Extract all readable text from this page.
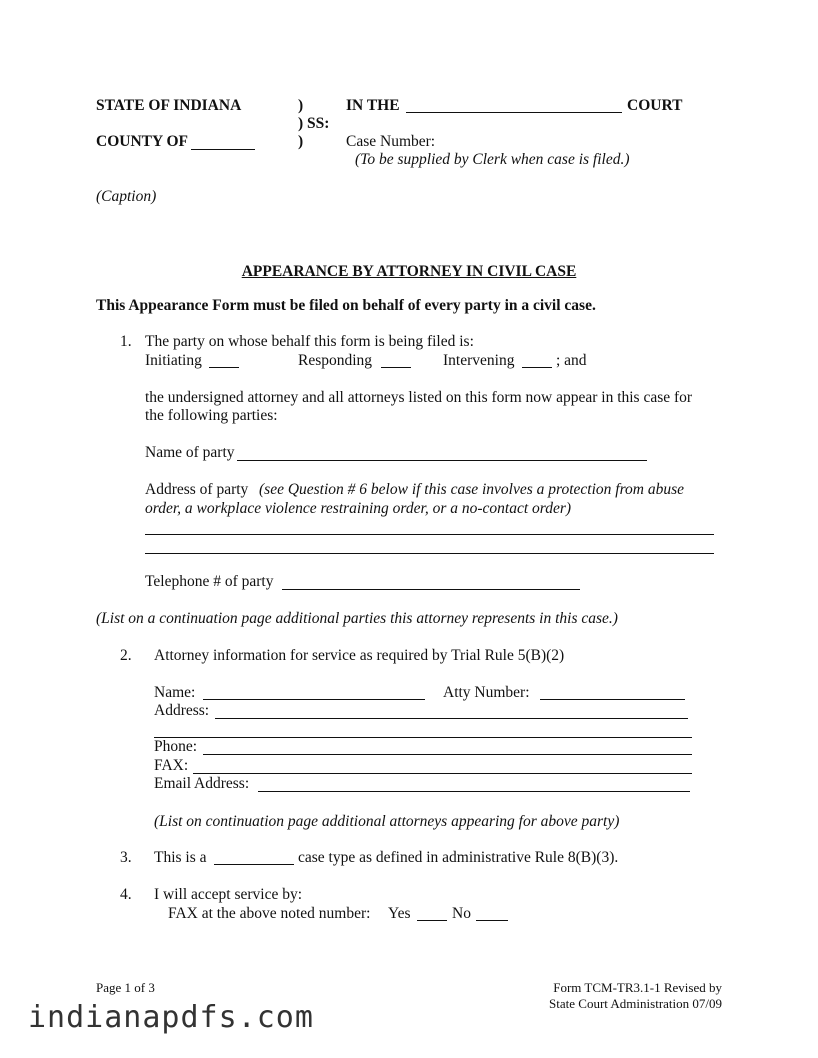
STATE OF INDIANA	)	IN THE	COURT
) SS:
COUNTY OF	)	Case Number:
(To be supplied by Clerk when case is filed.)
(Caption)
APPEARANCE BY ATTORNEY IN CIVIL CASE
This Appearance Form must be filed on behalf of every party in a civil case.
1. The party on whose behalf this form is being filed is:
Initiating	Responding	Intervening	; and
the undersigned attorney and all attorneys listed on this form now appear in this case for
the following parties:
Name of party
Address of party (see Question # 6 below if this case involves a protection from abuse
order, a workplace violence restraining order, or a no-contact order)
Telephone # of party
(List on a continuation page additional parties this attorney represents in this case.)
2. Attorney information for service as required by Trial Rule 5(B)(2)
Name:	Atty Number:
Address:
Phone:
FAX:
Email Address:
(List on continuation page additional attorneys appearing for above party)
3. This is a	case type as defined in administrative Rule 8(B)(3).
4. I will accept service by:
FAX at the above noted number: Yes	No
Page 1 of 3	Form TCM-TR3.1-1 Revised by
State Court Administration 07/09
indianapdfs.com
